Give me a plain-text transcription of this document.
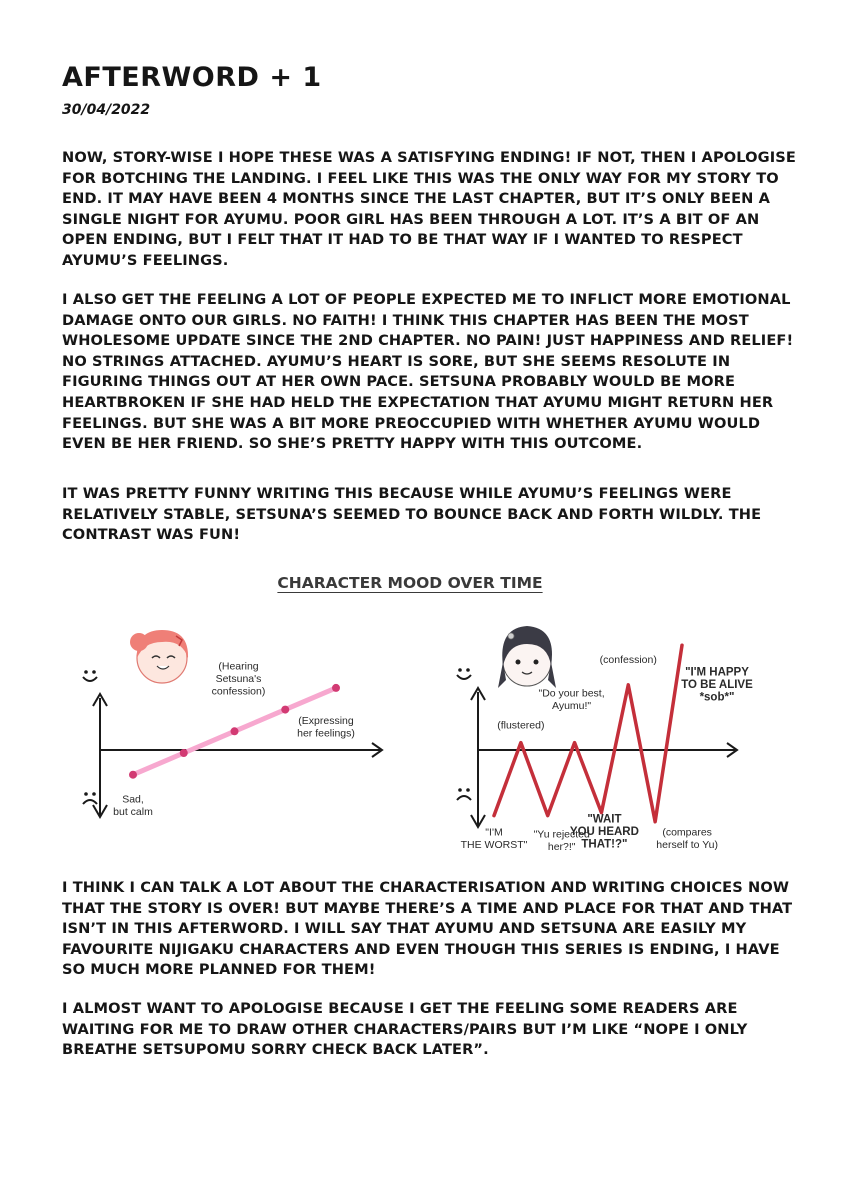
AFTERWORD + 1

30/04/2022

NOW, STORY-WISE I HOPE THESE WAS A SATISFYING ENDING! IF NOT, THEN I APOLOGISE FOR BOTCHING THE LANDING. I FEEL LIKE THIS WAS THE ONLY WAY FOR MY STORY TO END. IT MAY HAVE BEEN 4 MONTHS SINCE THE LAST CHAPTER, BUT IT’S ONLY BEEN A SINGLE NIGHT FOR AYUMU. POOR GIRL HAS BEEN THROUGH A LOT. IT’S A BIT OF AN OPEN ENDING, BUT I FELT THAT IT HAD TO BE THAT WAY IF I WANTED TO RESPECT AYUMU’S FEELINGS.

I ALSO GET THE FEELING A LOT OF PEOPLE EXPECTED ME TO INFLICT MORE EMOTIONAL DAMAGE ONTO OUR GIRLS. NO FAITH! I THINK THIS CHAPTER HAS BEEN THE MOST WHOLESOME UPDATE SINCE THE 2ND CHAPTER. NO PAIN! JUST HAPPINESS AND RELIEF! NO STRINGS ATTACHED. AYUMU’S HEART IS SORE, BUT SHE SEEMS RESOLUTE IN FIGURING THINGS OUT AT HER OWN PACE. SETSUNA PROBABLY WOULD BE MORE HEARTBROKEN IF SHE HAD HELD THE EXPECTATION THAT AYUMU MIGHT RETURN HER FEELINGS. BUT SHE WAS A BIT MORE PREOCCUPIED WITH WHETHER AYUMU WOULD EVEN BE HER FRIEND. SO SHE’S PRETTY HAPPY WITH THIS OUTCOME.

IT WAS PRETTY FUNNY WRITING THIS BECAUSE WHILE AYUMU’S FEELINGS WERE RELATIVELY STABLE, SETSUNA’S SEEMED TO BOUNCE BACK AND FORTH WILDLY. THE CONTRAST WAS FUN!

CHARACTER MOOD OVER TIME

Sad, but calm
(Hearing Setsuna's confession)
(Expressing her feelings)
"I'M THE WORST"
(flustered)
"Yu rejected her?!"
"Do your best, Ayumu!"
"WAIT YOU HEARD THAT!?"
(confession)
(compares herself to Yu)
"I'M HAPPY TO BE ALIVE *sob*"

I THINK I CAN TALK A LOT ABOUT THE CHARACTERISATION AND WRITING CHOICES NOW THAT THE STORY IS OVER! BUT MAYBE THERE’S A TIME AND PLACE FOR THAT AND THAT ISN’T IN THIS AFTERWORD. I WILL SAY THAT AYUMU AND SETSUNA ARE EASILY MY FAVOURITE NIJIGAKU CHARACTERS AND EVEN THOUGH THIS SERIES IS ENDING, I HAVE SO MUCH MORE PLANNED FOR THEM!

I ALMOST WANT TO APOLOGISE BECAUSE I GET THE FEELING SOME READERS ARE WAITING FOR ME TO DRAW OTHER CHARACTERS/PAIRS BUT I’M LIKE “NOPE I ONLY BREATHE SETSUPOMU SORRY CHECK BACK LATER”.
